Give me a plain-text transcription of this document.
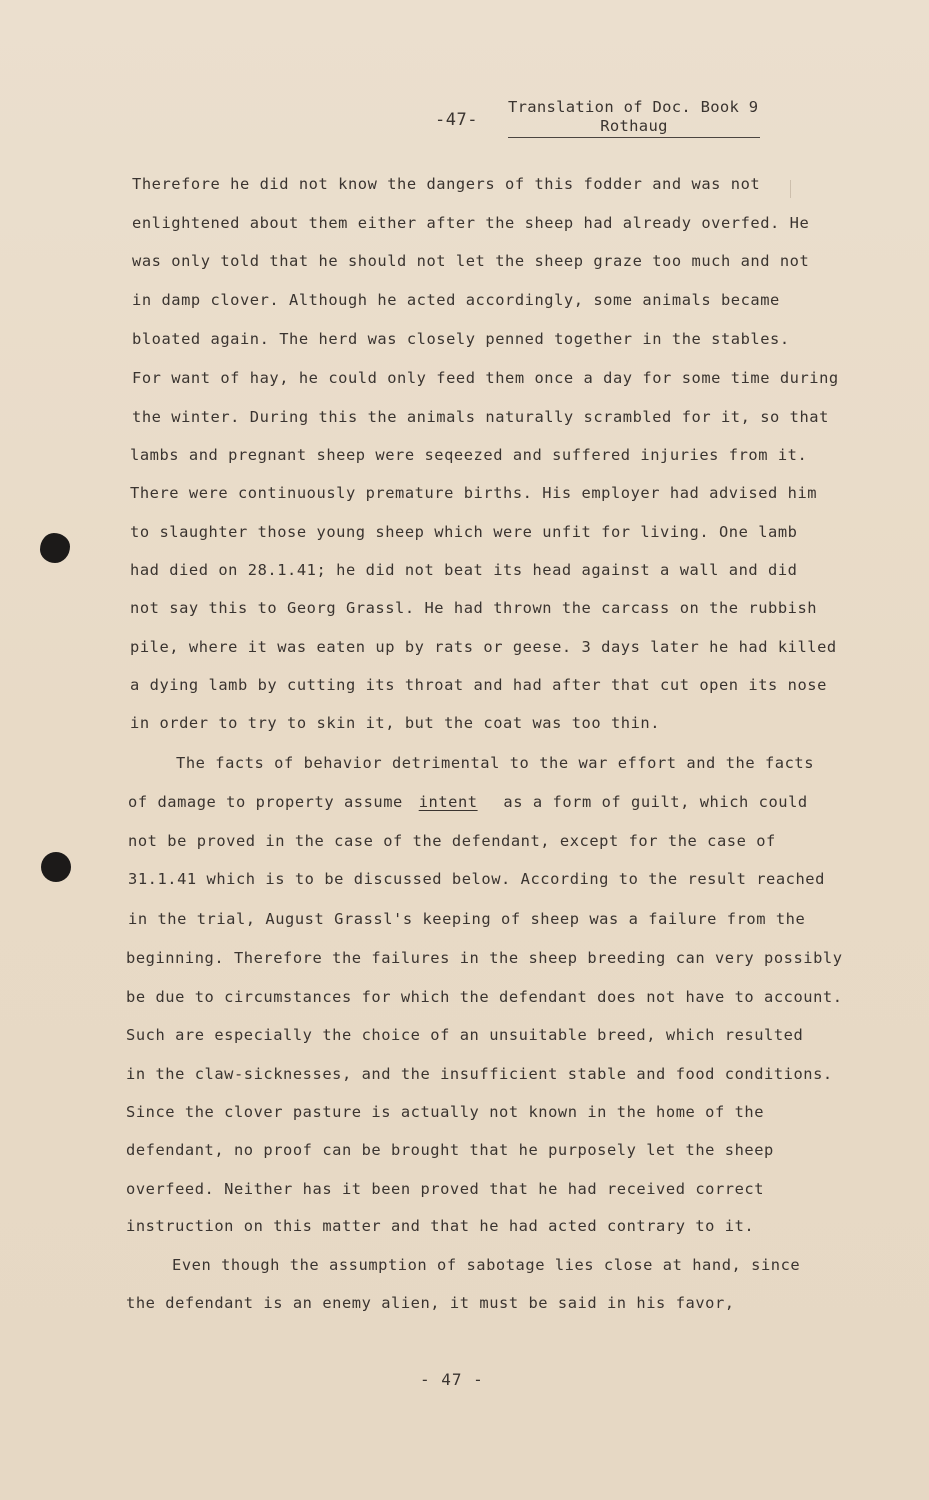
-47-
Translation of Doc. Book 9
Rothaug
Therefore he did not know the dangers of this fodder and was not
enlightened about them either after the sheep had already overfed. He
was only told that he should not let the sheep graze too much and not
in damp clover. Although he acted accordingly, some animals became
bloated again. The herd was closely penned together in the stables.
For want of hay, he could only feed them once a day for some time during
the winter. During this the animals naturally scrambled for it, so that
lambs and pregnant sheep were seqeezed and suffered injuries from it.
There were continuously premature births. His employer had advised him
to slaughter those young sheep which were unfit for living. One lamb
had died on 28.1.41; he did not beat its head against a wall and did
not say this to Georg Grassl. He had thrown the carcass on the rubbish
pile, where it was eaten up by rats or geese. 3 days later he had killed
a dying lamb by cutting its throat and had after that cut open its nose
in order to try to skin it, but the coat was too thin.
The facts of behavior detrimental to the war effort and the facts
of damage to property assume intent as a form of guilt, which could
not be proved in the case of the defendant, except for the case of
31.1.41 which is to be discussed below. According to the result reached
in the trial, August Grassl's keeping of sheep was a failure from the
beginning. Therefore the failures in the sheep breeding can very possibly
be due to circumstances for which the defendant does not have to account.
Such are especially the choice of an unsuitable breed, which resulted
in the claw-sicknesses, and the insufficient stable and food conditions.
Since the clover pasture is actually not known in the home of the
defendant, no proof can be brought that he purposely let the sheep
overfeed. Neither has it been proved that he had received correct
instruction on this matter and that he had acted contrary to it.
Even though the assumption of sabotage lies close at hand, since
the defendant is an enemy alien, it must be said in his favor,
- 47 -
